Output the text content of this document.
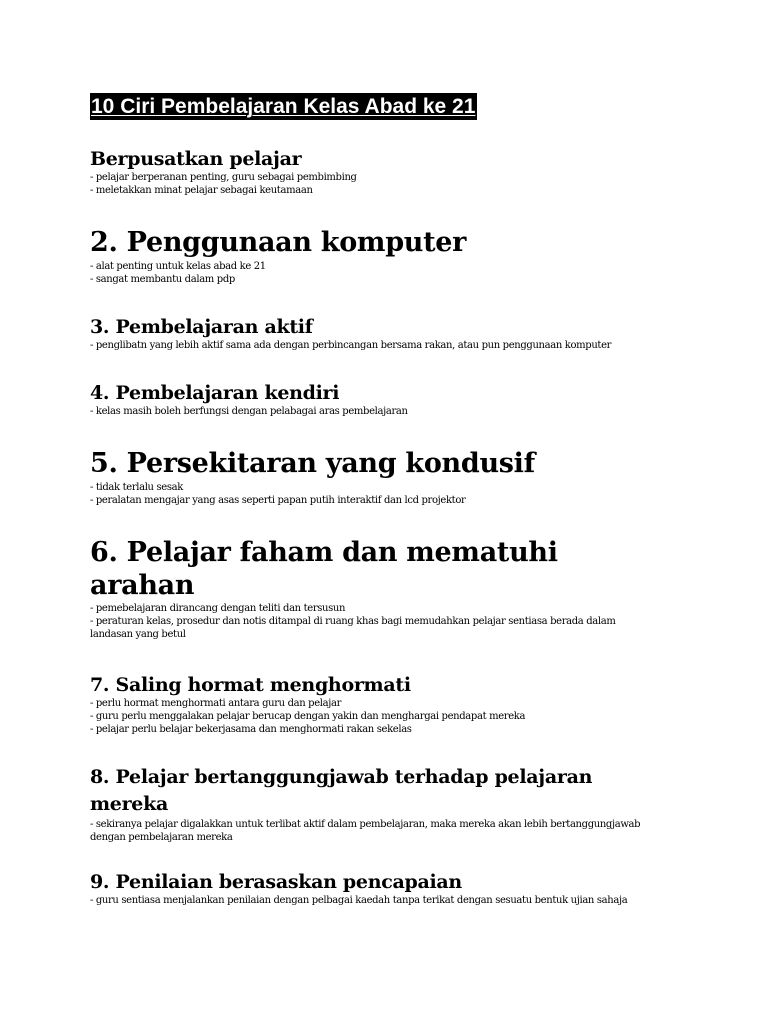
10 Ciri Pembelajaran Kelas Abad ke 21
Berpusatkan pelajar
- pelajar berperanan penting, guru sebagai pembimbing
- meletakkan minat pelajar sebagai keutamaan
2. Penggunaan komputer
- alat penting untuk kelas abad ke 21
- sangat membantu dalam pdp
3. Pembelajaran aktif
- penglibatn yang lebih aktif sama ada dengan perbincangan bersama rakan, atau pun penggunaan komputer
4. Pembelajaran kendiri
- kelas masih boleh berfungsi dengan pelabagai aras pembelajaran
5. Persekitaran yang kondusif
- tidak terlalu sesak
- peralatan mengajar yang asas seperti papan putih interaktif dan lcd projektor
6. Pelajar faham dan mematuhi
arahan
- pemebelajaran dirancang dengan teliti dan tersusun
- peraturan kelas, prosedur dan notis ditampal di ruang khas bagi memudahkan pelajar sentiasa berada dalam
landasan yang betul
7. Saling hormat menghormati
- perlu hormat menghormati antara guru dan pelajar
- guru perlu menggalakan pelajar berucap dengan yakin dan menghargai pendapat mereka
- pelajar perlu belajar bekerjasama dan menghormati rakan sekelas
8. Pelajar bertanggungjawab terhadap pelajaran
mereka
- sekiranya pelajar digalakkan untuk terlibat aktif dalam pembelajaran, maka mereka akan lebih bertanggungjawab
dengan pembelajaran mereka
9. Penilaian berasaskan pencapaian
- guru sentiasa menjalankan penilaian dengan pelbagai kaedah tanpa terikat dengan sesuatu bentuk ujian sahaja
